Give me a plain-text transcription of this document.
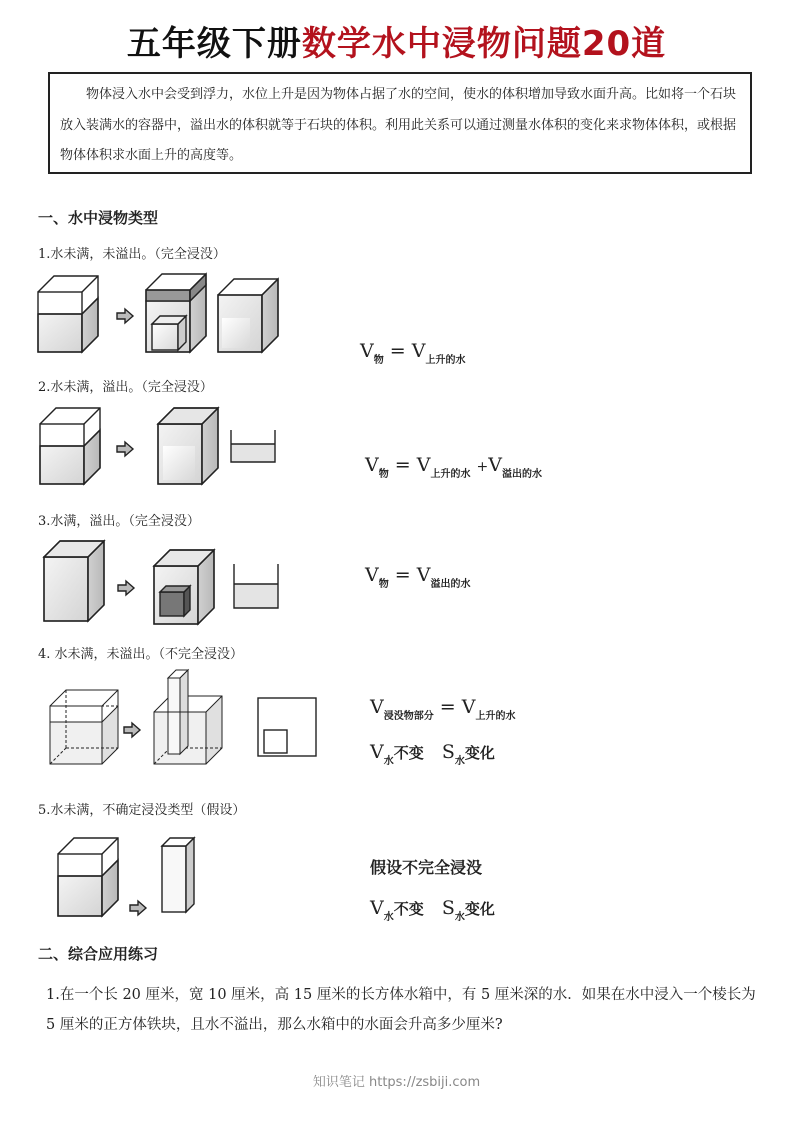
五年级下册数学水中浸物问题20道
物体浸入水中会受到浮力，水位上升是因为物体占据了水的空间，使水的体积增加导致水面升高。比如将一个石块放入装满水的容器中，溢出水的体积就等于石块的体积。利用此关系可以通过测量水体积的变化来求物体体积，或根据物体体积求水面上升的高度等。
一、水中浸物类型
1.水未满，未溢出。（完全浸没）
2.水未满，溢出。（完全浸没）
3.水满，溢出。（完全浸没）
4. 水未满，未溢出。（不完全浸没）
5.水未满，不确定浸没类型（假设）
$V_物 = V_{上升的水}$
$V_物 = V_{上升的水} +V_{溢出的水}$
$V_物 = V_{溢出的水}$
$V_{浸没物部分} = V_{上升的水}$
$V_水$不变 $S_水$变化
假设不完全浸没
$V_水$不变 $S_水$变化
二、综合应用练习
1.在一个长 20 厘米，宽 10 厘米，高 15 厘米的长方体水箱中，有 5 厘米深的水．如果在水中浸入一个棱长为 5 厘米的正方体铁块，且水不溢出，那么水箱中的水面会升高多少厘米?
知识笔记 https://zsbiji.com
